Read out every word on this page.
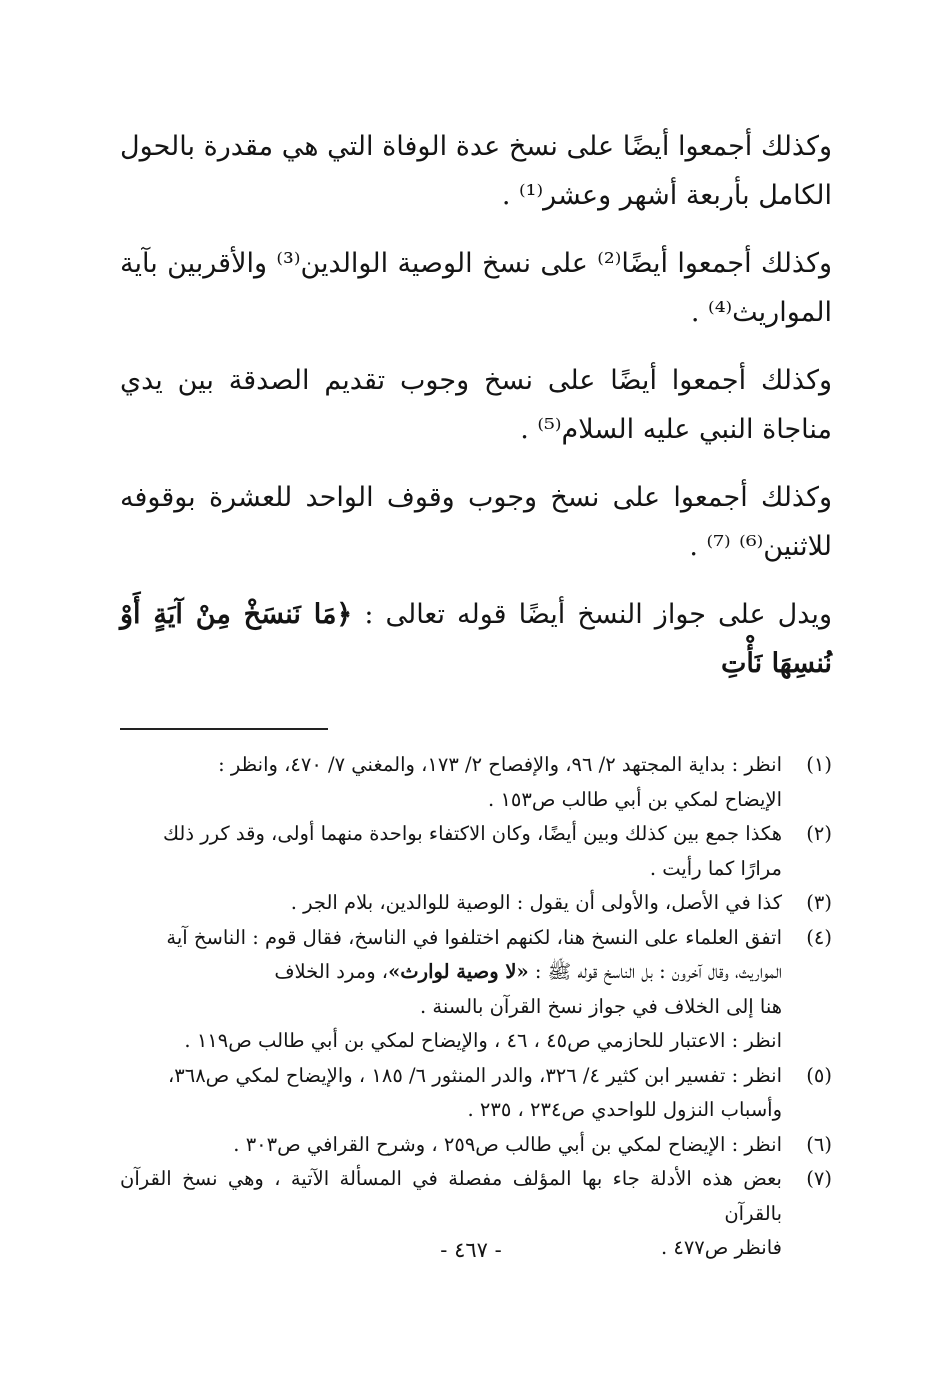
وكذلك أجمعوا أيضًا على نسخ عدة الوفاة التي هي مقدرة بالحول الكامل بأربعة أشهر وعشر⁽¹⁾ .

وكذلك أجمعوا أيضًا⁽²⁾ على نسخ الوصية الوالدين⁽³⁾ والأقربين بآية المواريث⁽⁴⁾ .

وكذلك أجمعوا أيضًا على نسخ وجوب تقديم الصدقة بين يدي مناجاة النبي عليه السلام⁽⁵⁾ .

وكذلك أجمعوا على نسخ وجوب وقوف الواحد للعشرة بوقوفه للاثنين⁽⁶⁾ ⁽⁷⁾ .

ويدل على جواز النسخ أيضًا قوله تعالى : ﴿مَا نَنسَخْ مِنْ آيَةٍ أَوْ نُنسِهَا نَأْتِ

(١)
انظر : بداية المجتهد ٢/ ٩٦، والإفصاح ٢/ ١٧٣، والمغني ٧/ ٤٧٠، وانظر :
الإيضاح لمكي بن أبي طالب ص١٥٣ .
(٢)
هكذا جمع بين كذلك وبين أيضًا، وكان الاكتفاء بواحدة منهما أولى، وقد كرر ذلك
مرارًا كما رأيت .
(٣)
كذا في الأصل، والأولى أن يقول : الوصية للوالدين، بلام الجر .
(٤)
اتفق العلماء على النسخ هنا، لكنهم اختلفوا في الناسخ، فقال قوم : الناسخ آية
المواريث، وقال آخرون : بل الناسخ قوله ﷺ : «لا وصية لوارث»، ومرد الخلاف
هنا إلى الخلاف في جواز نسخ القرآن بالسنة .
انظر : الاعتبار للحازمي ص٤٥ ، ٤٦ ، والإيضاح لمكي بن أبي طالب ص١١٩ .
(٥)
انظر : تفسير ابن كثير ٤/ ٣٢٦، والدر المنثور ٦/ ١٨٥ ، والإيضاح لمكي ص٣٦٨،
وأسباب النزول للواحدي ص٢٣٤ ، ٢٣٥ .
(٦)
انظر : الإيضاح لمكي بن أبي طالب ص٢٥٩ ، وشرح القرافي ص٣٠٣ .
(٧)
بعض هذه الأدلة جاء بها المؤلف مفصلة في المسألة الآتية ، وهي نسخ القرآن بالقرآن
فانظر ص٤٧٧ .
- ٤٦٧ -
